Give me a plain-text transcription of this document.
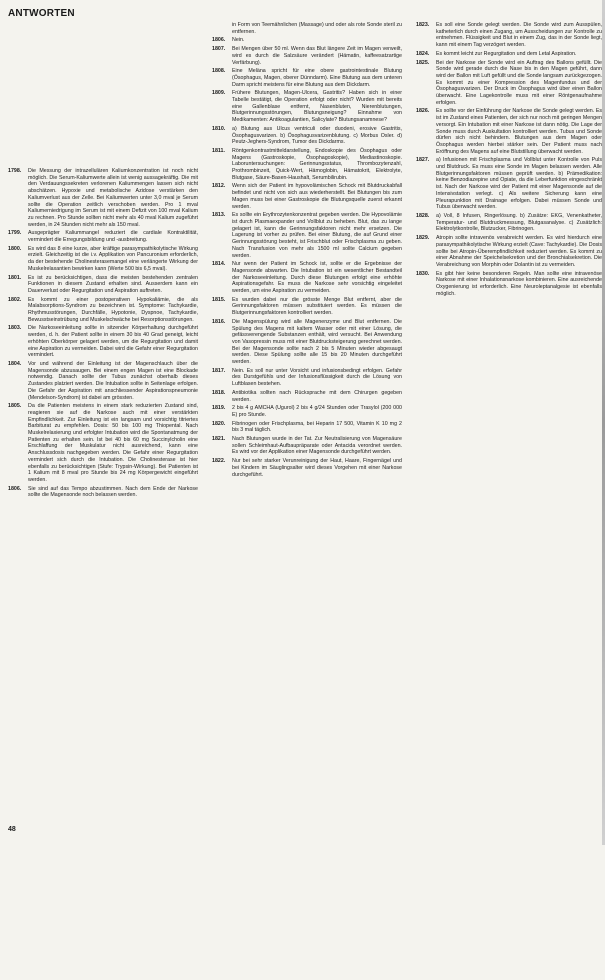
ANTWORTEN
1798.	Die Messung der intrazellulären Kaliumkonzentration ist noch nicht möglich. Die Serum-Kaliumwerte allein ist wenig aussagekräftig. Die mit den Verdauungssekreten verlorenen Kaliummengen lassen sich nicht abschätzen. Hypoxie und metabolische Azidose verstärken den Kaliumverlust aus der Zelle. Bei Kaliumwerten unter 3,0 mval je Serum sollte die Operation zeitlich verschoben werden. Pro 1 mval Kaliumerniedrigung im Serum ist mit einem Defizit von 100 mval Kalium zu rechnen. Pro Stunde sollten nicht mehr als 40 mval Kalium zugeführt werden, in 24 Stunden nicht mehr als 150 mval.
1799.	Ausgeprägter Kaliummangel reduziert die cardiale Kontraktilität, vermindert die Erregungsbildung und -ausbreitung.
1800.	Es wird das 8 eine kurze, aber kräftige parasympathikolytische Wirkung erzielt. Gleichzeitig ist die i.v. Applikation von Pancuronium erforderlich, da der bestehende Cholinesterasemangel eine verlängerte Wirkung der Muskelrelaxantien bewirken kann (Werte 500 bis 6,5 mval).
1801.	Es ist zu berücksichtigen, dass die meisten bestehenden zentralen Funktionen in diesem Zustand erhalten sind. Ausserdem kann ein Dauerverlust oder Regurgitation und Aspiration auftreten.
1802.	Es kommt zu einer postoperativen Hypokaliämie, die als Malabsorptions-Syndrom zu bezeichnen ist. Symptome: Tachykardie, Rhythmusstörungen, Durchfälle, Hypotonie, Dyspnoe, Tachykardie, Bewusstseinstrübung und Muskelschwäche bei Resorptionsstörungen.
1803.	Die Narkoseeinleitung sollte in sitzender Körperhaltung durchgeführt werden, d. h. der Patient sollte in einem 30 bis 40 Grad geneigt, leicht erhöhten Oberkörper gelagert werden, um die Regurgitation und damit eine Aspiration zu vermeiden. Dabei wird die Gefahr einer Regurgitation vermindert.
1804.	Vor und während der Einleitung ist der Magenschlauch über die Magensonde abzusaugen. Bei einem engen Magen ist eine Blockade notwendig. Danach sollte der Tubus zunächst oberhalb dieses Zustandes platziert werden. Die Intubation sollte in Seitenlage erfolgen. Die Gefahr der Aspiration mit anschliessender Aspirationspneumonie (Mendelson-Syndrom) ist dabei am grössten.
1805.	Da die Patienten meistens in einem stark reduzierten Zustand sind, reagieren sie auf die Narkose auch mit einer verstärkten Empfindlichkeit. Zur Einleitung ist ein langsam und vorsichtig titriertes Barbiturat zu empfehlen. Dosis: 50 bis 100 mg Thiopental. Nach Muskelrelaxierung und erfolgter Intubation wird die Spontanatmung der Patienten zu erhalten sein. Ist bei 40 bis 60 mg Succinylcholin eine Erschlaffung der Muskulatur nicht ausreichend, kann eine Anschlussdosis nachgegeben werden. Die Gefahr einer Regurgitation vermindert sich durch die Intubation. Die Cholinesterase ist hier ebenfalls zu berücksichtigen (Stufe: Trypsin-Wirkung). Bei Patienten ist 1 Kalium mit 8 mval pro Stunde bis 24 mg Körpergewicht eingeführt werden.
1806.	Sie sind auf das Tempo abzustimmen. Nach dem Ende der Narkose sollte die Magensonde noch belassen werden.
in Form von Teemähnlichen (Massage) und oder als rote Sonde steril zu entfernen.
1806.	Nein.
1807.	Bei Mengen über 50 ml. Wenn das Blut längere Zeit im Magen verweilt, wird es durch die Salzsäure verändert (Hämatin, kaffeesatzartige Verfärbung).
1808.	Eine Meläna spricht für eine obere gastrointestinale Blutung (Ösophagus, Magen, oberer Dünndarm). Eine Blutung aus dem unteren Darm spricht meistens für eine Blutung aus dem Dickdarm.
1809.	Frühere Blutungen, Magen-Ulcera, Gastritis? Haben sich in einer Tabelle bestätigt, die Operation erfolgt oder nicht? Wurden mit bereits eine Gallenblase entfernt, Nasenbluten, Nierenblutungen, Blutgerinnungsstörungen, Blutungsneigung? Einnahme von Medikamenten: Antikoagulantien, Salicylate? Blutungsanamnese?
1810.	a) Blutung aus Ulcus ventriculi oder duodeni, erosive Gastritis, Ösophagusvarizen. b) Ösophagusvarizenblutung. c) Morbus Osler. d) Peutz-Jeghers-Syndrom, Tumor des Dickdarms.
1811.	Röntgenkontrastmitteldarstellung, Endoskopie des Ösophagus oder Magens (Gastroskopie, Ösophagoskopie), Mediastinoskopie. Laboruntersuchungen: Gerinnungsstatus, Thrombozytenzahl, Prothrombinzeit, Quick-Wert, Hämoglobin, Hämatokrit, Elektrolyte, Blutgase, Säure-Basen-Haushalt, Serumbilirubin.
1812.	Wenn sich der Patient im hypovolämischen Schock mit Blutdruckabfall befindet und nicht von sich aus wiederherstellt. Bei Blutungen bis zum Magen muss bei einer Gastroskopie die Blutungsquelle zuerst erkannt werden.
1813.	Es sollte ein Erythrozytenkonzentrat gegeben werden. Die Hypovolämie ist durch Plasmaexpander und Vollblut zu beheben. Blut, das zu lange gelagert ist, kann die Gerinnungsfaktoren nicht mehr ersetzen. Die Lagerung ist vorher zu prüfen. Bei einer Blutung, die auf Grund einer Gerinnungsstörung besteht, ist Frischblut oder Frischplasma zu geben. Nach Transfusion von mehr als 1500 ml sollte Calcium gegeben werden.
1814.	Nur wenn der Patient im Schock ist, sollte er die Ergebnisse der Magensonde abwarten. Die Intubation ist ein wesentlicher Bestandteil der Narkoseeinleitung. Durch diese Blutungen erfolgt eine erhöhte Aspirationsgefahr. Es muss die Narkose sehr vorsichtig eingeleitet werden, um eine Aspiration zu vermeiden.
1815.	Es wurden dabei nur die grösste Menge Blut entfernt, aber die Gerinnungsfaktoren müssen substituiert werden. Es müssen die Blutgerinnungsfaktoren kontrolliert werden.
1816.	Die Magenspülung wird alle Magenenzyme und Blut entfernen. Die Spülung des Magens mit kaltem Wasser oder mit einer Lösung, die gefässverengende Substanzen enthält, wird versucht. Bei Anwendung von Vasopressin muss mit einer Blutdrucksteigerung gerechnet werden. Bei der Magensonde sollte nach 2 bis 5 Minuten wieder abgesaugt werden. Diese Spülung sollte alle 15 bis 20 Minuten durchgeführt werden.
1817.	Nein. Es soll nur unter Vorsicht und infusionsbedingt erfolgen. Gefahr des Durstgefühls und der Infusionsflüssigkeit durch die Lösung von Luftblasen bestehen.
1818.	Antibiotika sollten nach Rücksprache mit dem Chirurgen gegeben werden.
1819.	2 bis 4 g AMCHA (Ugurol) 2 bis 4 g/24 Stunden oder Trasylol (200 000 E) pro Stunde.
1820.	Fibrinogen oder Frischplasma, bei Heparin 17 500, Vitamin K 10 mg 2 bis 3 mal täglich.
1821.	Nach Blutungen wurde in der Tat. Zur Neutralisierung von Magensäure sollen Schleimhaut-Aufbaupräparate oder Antacida verordnet werden. Es wird vor der Applikation einer Magensonde durchgeführt werden.
1822.	Nur bei sehr starker Verunreinigung der Haut, Haare, Fingernägel und bei Kindern im Säuglingsalter wird dieses Vorgehen mit einer Narkose durchgeführt.
1823.	Es soll eine Sonde gelegt werden. Die Sonde wird zum Ausspülen, katheterlich durch einen Zugang, um Ausscheidungen zur Kontrolle zu entnehmen. Flüssigkeit und Blut in einem Zug, das in der Sonde liegt, kann mit einem Tag verzögert werden.
1824.	Es kommt leicht zur Regurgitation und dem Letal Aspiration.
1825.	Bei der Narkose der Sonde wird ein Auftrag des Ballons gefüllt. Die Sonde wird gerade durch die Nase bis in den Magen geführt, dann wird der Ballon mit Luft gefüllt und die Sonde langsam zurückgezogen. Es kommt zu einer Kompression des Magenfundus und der Ösophagusvarizen. Der Druck im Ösophagus wird über einen Ballon überwacht. Eine Lagekontrolle muss mit einer Röntgenaufnahme erfolgen.
1826.	Es sollte vor der Einführung der Narkose die Sonde gelegt werden. Es ist im Zustand eines Patienten, der sich nur noch mit geringen Mengen versorgt. Ein Intubation mit einer Narkose ist dann nötig. Die Lage der Sonde muss durch Auskultation kontrolliert werden. Tubus und Sonde dürfen sich nicht behindern. Blutungen aus dem Magen oder Ösophagus werden hierbei stärker sein. Der Patient muss nach Eröffnung des Magens auf eine Blutstillung überwacht werden.
1827.	a) Infusionen mit Frischplasma und Vollblut unter Kontrolle von Puls und Blutdruck. Es muss eine Sonde im Magen belassen werden. Alle Blutgerinnungsfaktoren müssen geprüft werden. b) Prämedikation: keine Benzodiazepine und Opiate, da die Leberfunktion eingeschränkt ist. Nach der Narkose wird der Patient mit einer Magensonde auf die Intensivstation verlegt. c) Als weitere Sicherung kann eine Pleurapunktion mit Drainage erfolgen. Dabei müssen Sonde und Tubus überwacht werden.
1828.	a) Voll, 8 Infusen, Ringerlösung. b) Zusätze: EKG, Venenkatheter, Temperatur- und Blutdruckmessung, Blutgasanalyse. c) Zusätzlich: Elektrolytkontrolle, Blutzucker, Fibrinogen.
1829.	Atropin sollte intravenös verabreicht werden. Es wird hierdurch eine parasympathikolytische Wirkung erzielt (Cave: Tachykardie). Die Dosis sollte bei Atropin-Überempfindlichkeit reduziert werden. Es kommt zu einer Abnahme der Speichelsekretion und der Bronchialsekretion. Die Verabreichung von Morphin oder Dolantin ist zu vermeiden.
1830.	Es gibt hier keine besonderen Regeln. Man sollte eine intravenöse Narkose mit einer Inhalationsnarkose kombinieren. Eine ausreichende Oxygenierung ist erforderlich. Eine Neuroleptanalgesie ist ebenfalls möglich.
48
